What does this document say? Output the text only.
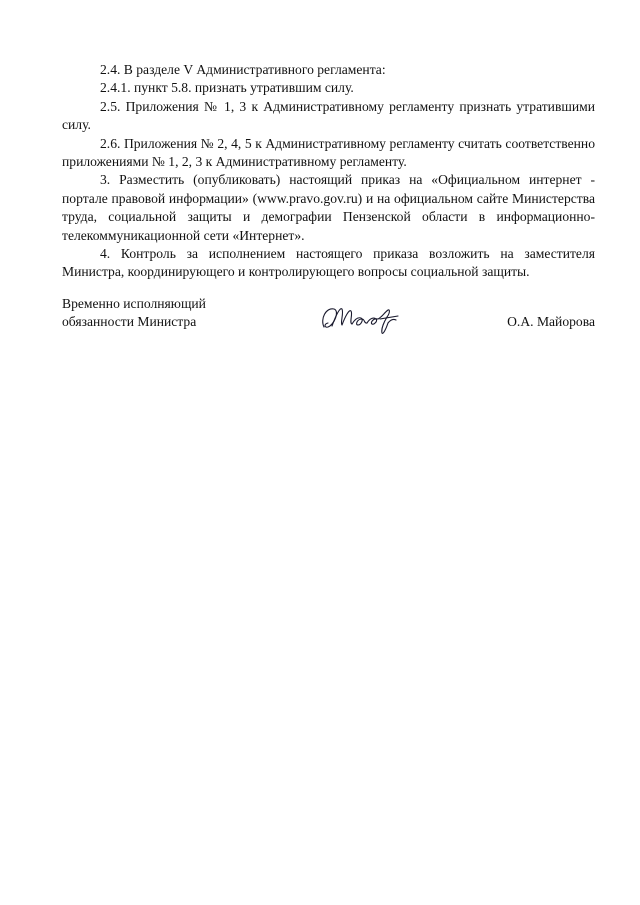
2.4. В разделе V Административного регламента:

2.4.1. пункт 5.8. признать утратившим силу.

2.5. Приложения № 1, 3 к Административному регламенту признать утратившими силу.

2.6. Приложения № 2, 4, 5 к Административному регламенту считать соответственно приложениями № 1, 2, 3 к Административному регламенту.

3. Разместить (опубликовать) настоящий приказ на «Официальном интернет - портале правовой информации» (www.pravo.gov.ru) и на официальном сайте Министерства труда, социальной защиты и демографии Пензенской области в информационно-телекоммуникационной сети «Интернет».

4. Контроль за исполнением настоящего приказа возложить на заместителя Министра, координирующего и контролирующего вопросы социальной защиты.

Временно исполняющий
обязанности Министра	О.А. Майорова
